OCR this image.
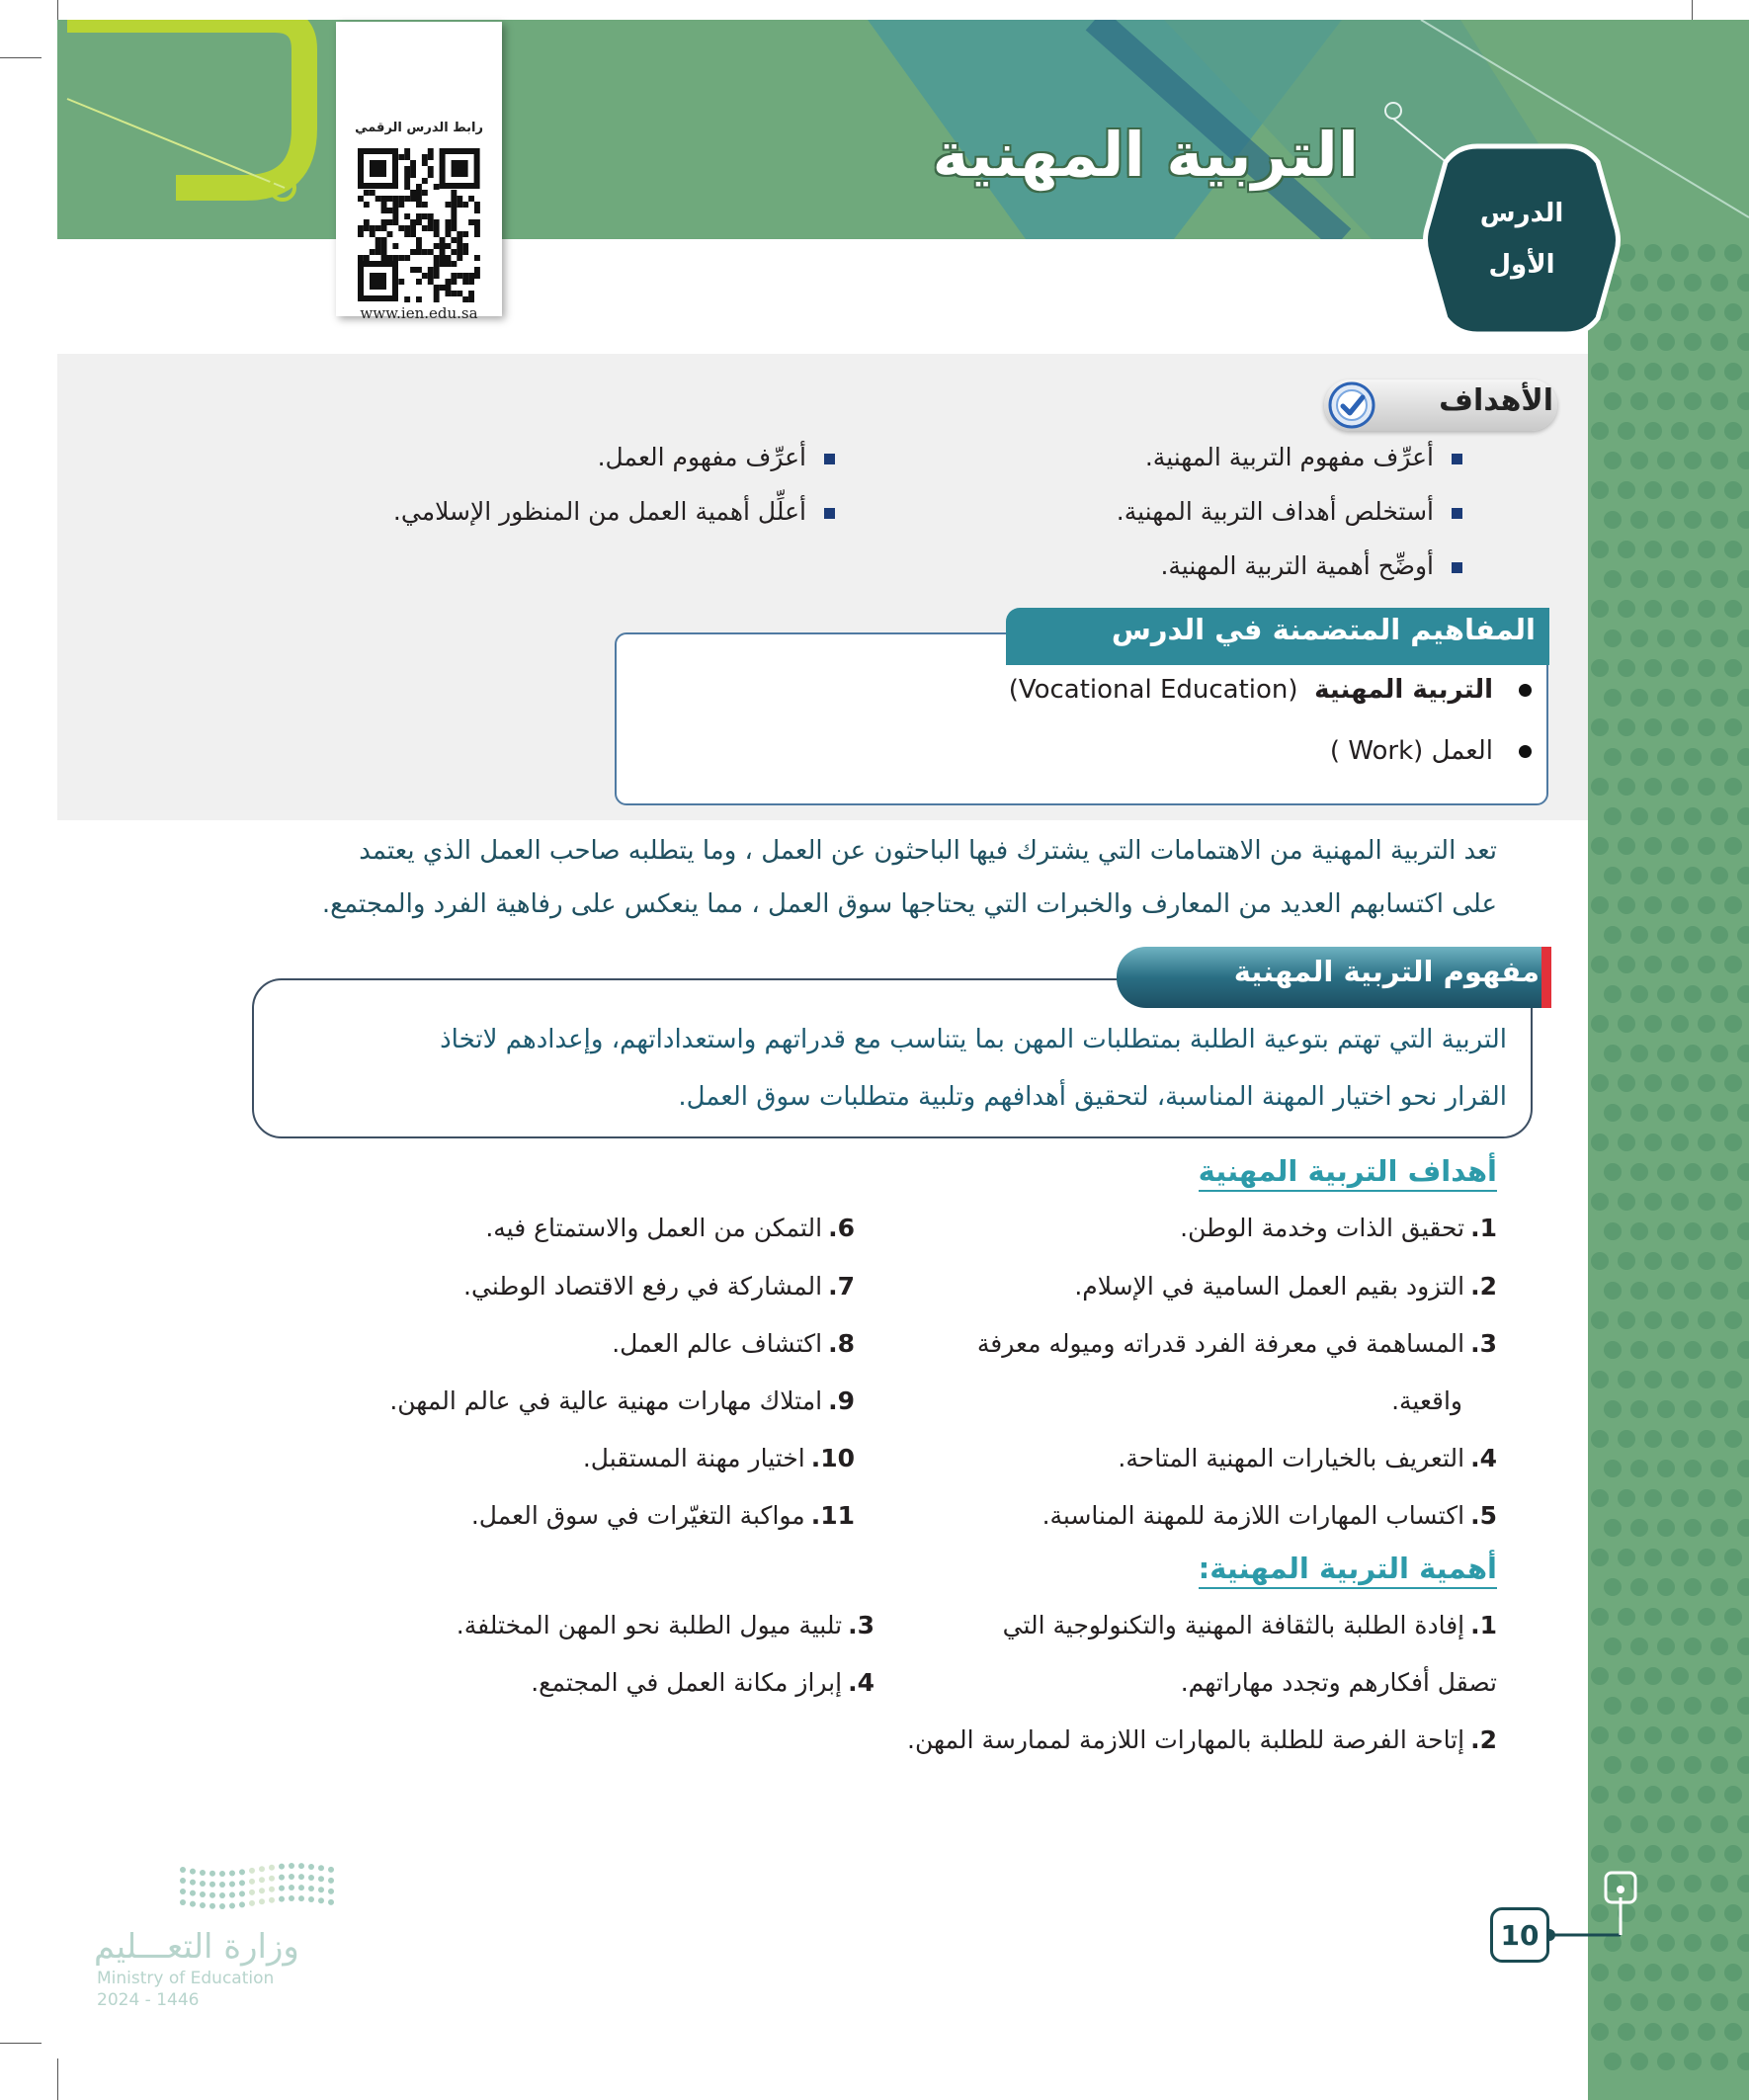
التربية المهنية
الدرس
الأول
رابط الدرس الرقمي
www.ien.edu.sa
الأهداف
أعرِّف مفهوم التربية المهنية.
أستخلص أهداف التربية المهنية.
أوضِّح أهمية التربية المهنية.
أعرِّف مفهوم العمل.
أعلِّل أهمية العمل من المنظور الإسلامي.
المفاهيم المتضمنة في الدرس
التربية المهنية  (Vocational Education)
العمل ( Work)
تعد التربية المهنية من الاهتمامات التي يشترك فيها الباحثون عن العمل ، وما يتطلبه صاحب العمل الذي يعتمد
على اكتسابهم العديد من المعارف والخبرات التي يحتاجها سوق العمل ، مما ينعكس على رفاهية الفرد والمجتمع.
مفهوم التربية المهنية
التربية التي تهتم بتوعية الطلبة بمتطلبات المهن بما يتناسب مع قدراتهم واستعداداتهم، وإعدادهم لاتخاذ
القرار نحو اختيار المهنة المناسبة، لتحقيق أهدافهم وتلبية متطلبات سوق العمل.
أهداف التربية المهنية
1.تحقيق الذات وخدمة الوطن.
2.التزود بقيم العمل السامية في الإسلام.
3.المساهمة في معرفة الفرد قدراته وميوله معرفة
واقعية.
4.التعريف بالخيارات المهنية المتاحة.
5.اكتساب المهارات اللازمة للمهنة المناسبة.
6.التمكن من العمل والاستمتاع فيه.
7.المشاركة في رفع الاقتصاد الوطني.
8.اكتشاف عالم العمل.
9.امتلاك مهارات مهنية عالية في عالم المهن.
10.اختيار مهنة المستقبل.
11.مواكبة التغيّرات في سوق العمل.
أهمية التربية المهنية:
1.إفادة الطلبة بالثقافة المهنية والتكنولوجية التي
تصقل أفكارهم وتجدد مهاراتهم.
2.إتاحة الفرصة للطلبة بالمهارات اللازمة لممارسة المهن.
3.تلبية ميول الطلبة نحو المهن المختلفة.
4.إبراز مكانة العمل في المجتمع.
10
وزارة التعـــليم
Ministry of Education
2024 - 1446
